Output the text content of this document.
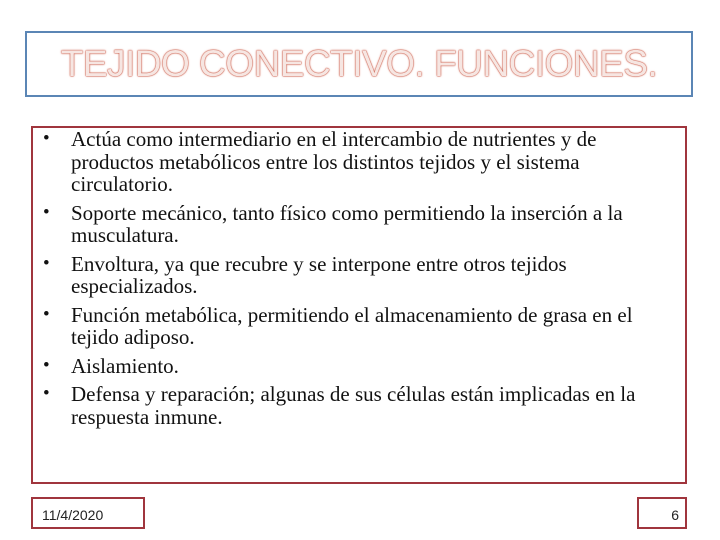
TEJIDO CONECTIVO. FUNCIONES.
• Actúa como intermediario en el intercambio de nutrientes y de productos metabólicos entre los distintos tejidos y el sistema circulatorio.
• Soporte mecánico, tanto físico como permitiendo la inserción a la musculatura.
• Envoltura, ya que recubre y se interpone entre otros tejidos especializados.
• Función metabólica, permitiendo el almacenamiento de grasa en el tejido adiposo.
• Aislamiento.
• Defensa y reparación; algunas de sus células están implicadas en la respuesta inmune.
11/4/2020	6
